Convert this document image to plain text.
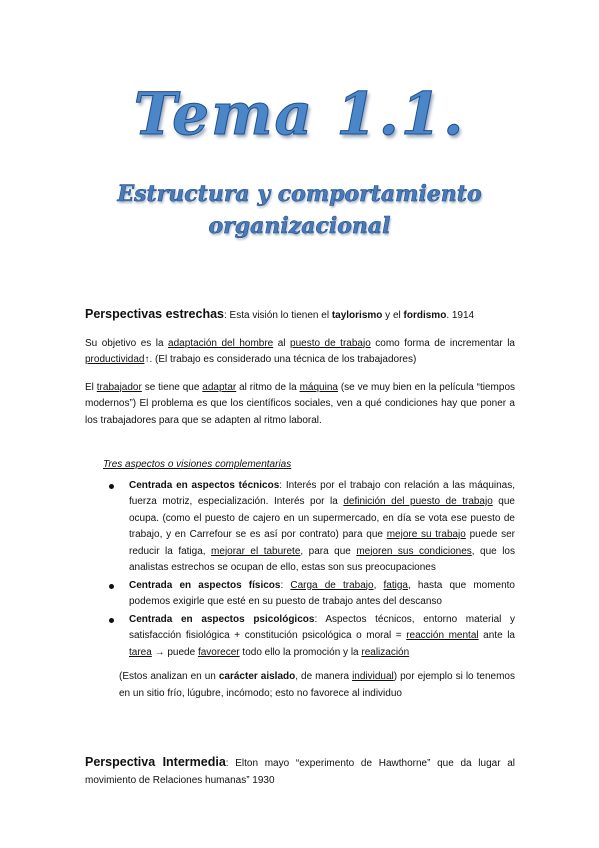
Tema 1.1.
Estructura y comportamiento
organizacional

Perspectivas estrechas: Esta visión lo tienen el taylorismo y el fordismo. 1914

Su objetivo es la adaptación del hombre al puesto de trabajo como forma de incrementar la productividad↑. (El trabajo es considerado una técnica de los trabajadores)

El trabajador se tiene que adaptar al ritmo de la máquina (se ve muy bien en la película “tiempos modernos”) El problema es que los científicos sociales, ven a qué condiciones hay que poner a los trabajadores para que se adapten al ritmo laboral.

Tres aspectos o visiones complementarias
Centrada en aspectos técnicos: Interés por el trabajo con relación a las máquinas, fuerza motriz, especialización. Interés por la definición del puesto de trabajo que ocupa. (como el puesto de cajero en un supermercado, en día se vota ese puesto de trabajo, y en Carrefour se es así por contrato) para que mejore su trabajo puede ser reducir la fatiga, mejorar el taburete, para que mejoren sus condiciones, que los analistas estrechos se ocupan de ello, estas son sus preocupaciones
Centrada en aspectos físicos: Carga de trabajo, fatiga, hasta que momento podemos exigirle que esté en su puesto de trabajo antes del descanso
Centrada en aspectos psicológicos: Aspectos técnicos, entorno material y satisfacción fisiológica + constitución psicológica o moral = reacción mental ante la tarea → puede favorecer todo ello la promoción y la realización

(Estos analizan en un carácter aislado, de manera individual) por ejemplo si lo tenemos en un sitio frío, lúgubre, incómodo; esto no favorece al individuo

Perspectiva Intermedia: Elton mayo “experimento de Hawthorne” que da lugar al movimiento de Relaciones humanas” 1930
